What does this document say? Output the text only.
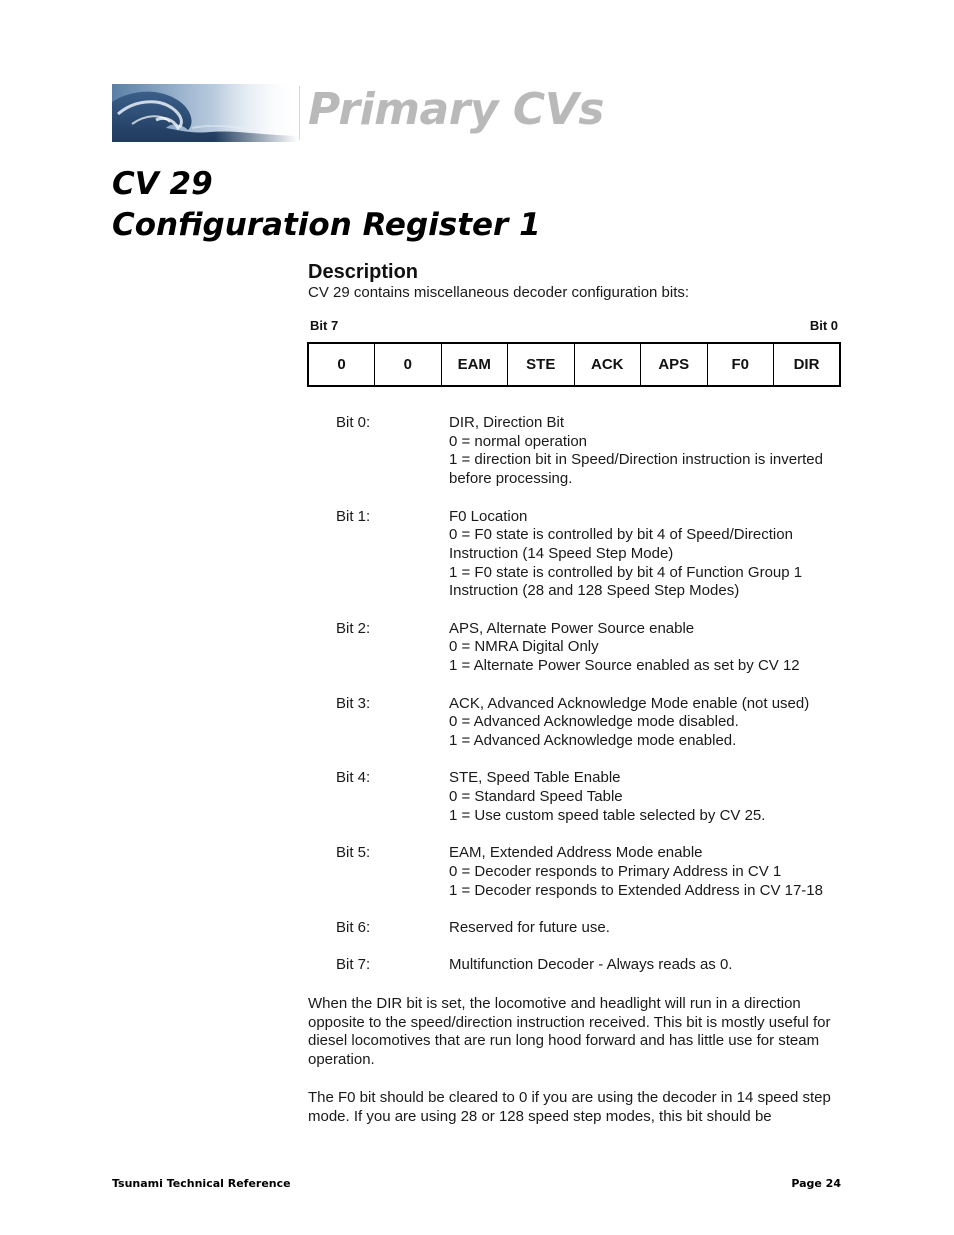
Primary CVs
CV 29
Configuration Register 1
Description
CV 29 contains miscellaneous decoder configuration bits:
Bit 7	Bit 0
0	0	EAM	STE	ACK	APS	F0	DIR
Bit 0:	DIR, Direction Bit
0 = normal operation
1 = direction bit in Speed/Direction instruction is inverted before processing.
Bit 1:	F0 Location
0 = F0 state is controlled by bit 4 of Speed/Direction Instruction (14 Speed Step Mode)
1 = F0 state is controlled by bit 4 of Function Group 1 Instruction (28 and 128 Speed Step Modes)
Bit 2:	APS, Alternate Power Source enable
0 = NMRA Digital Only
1 = Alternate Power Source enabled as set by CV 12
Bit 3:	ACK, Advanced Acknowledge Mode enable (not used)
0 = Advanced Acknowledge mode disabled.
1 = Advanced Acknowledge mode enabled.
Bit 4:	STE, Speed Table Enable
0 = Standard Speed Table
1 = Use custom speed table selected by CV 25.
Bit 5:	EAM, Extended Address Mode enable
0 = Decoder responds to Primary Address in CV 1
1 = Decoder responds to Extended Address in CV 17-18
Bit 6:	Reserved for future use.
Bit 7:	Multifunction Decoder - Always reads as 0.
When the DIR bit is set, the locomotive and headlight will run in a direction opposite to the speed/direction instruction received. This bit is mostly useful for diesel locomotives that are run long hood forward and has little use for steam operation.
The F0 bit should be cleared to 0 if you are using the decoder in 14 speed step mode. If you are using 28 or 128 speed step modes, this bit should be
Tsunami Technical Reference	Page 24
